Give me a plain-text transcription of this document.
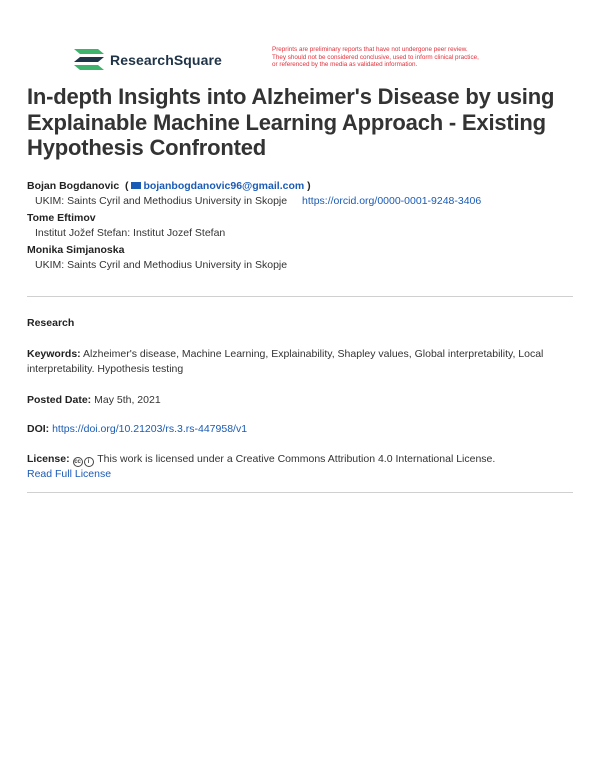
ResearchSquare
Preprints are preliminary reports that have not undergone peer review.
They should not be considered conclusive, used to inform clinical practice,
or referenced by the media as validated information.
In-depth Insights into Alzheimer's Disease by using Explainable Machine Learning Approach - Existing Hypothesis Confronted
Bojan Bogdanovic  ( bojanbogdanovic96@gmail.com )
UKIM: Saints Cyril and Methodius University in Skopje https://orcid.org/0000-0001-9248-3406
Tome Eftimov
Institut Jožef Stefan: Institut Jozef Stefan
Monika Simjanoska
UKIM: Saints Cyril and Methodius University in Skopje
Research
Keywords: Alzheimer's disease, Machine Learning, Explainability, Shapley values, Global interpretability, Local interpretability. Hypothesis testing
Posted Date: May 5th, 2021
DOI: https://doi.org/10.21203/rs.3.rs-447958/v1
License: cc i This work is licensed under a Creative Commons Attribution 4.0 International License.
Read Full License
